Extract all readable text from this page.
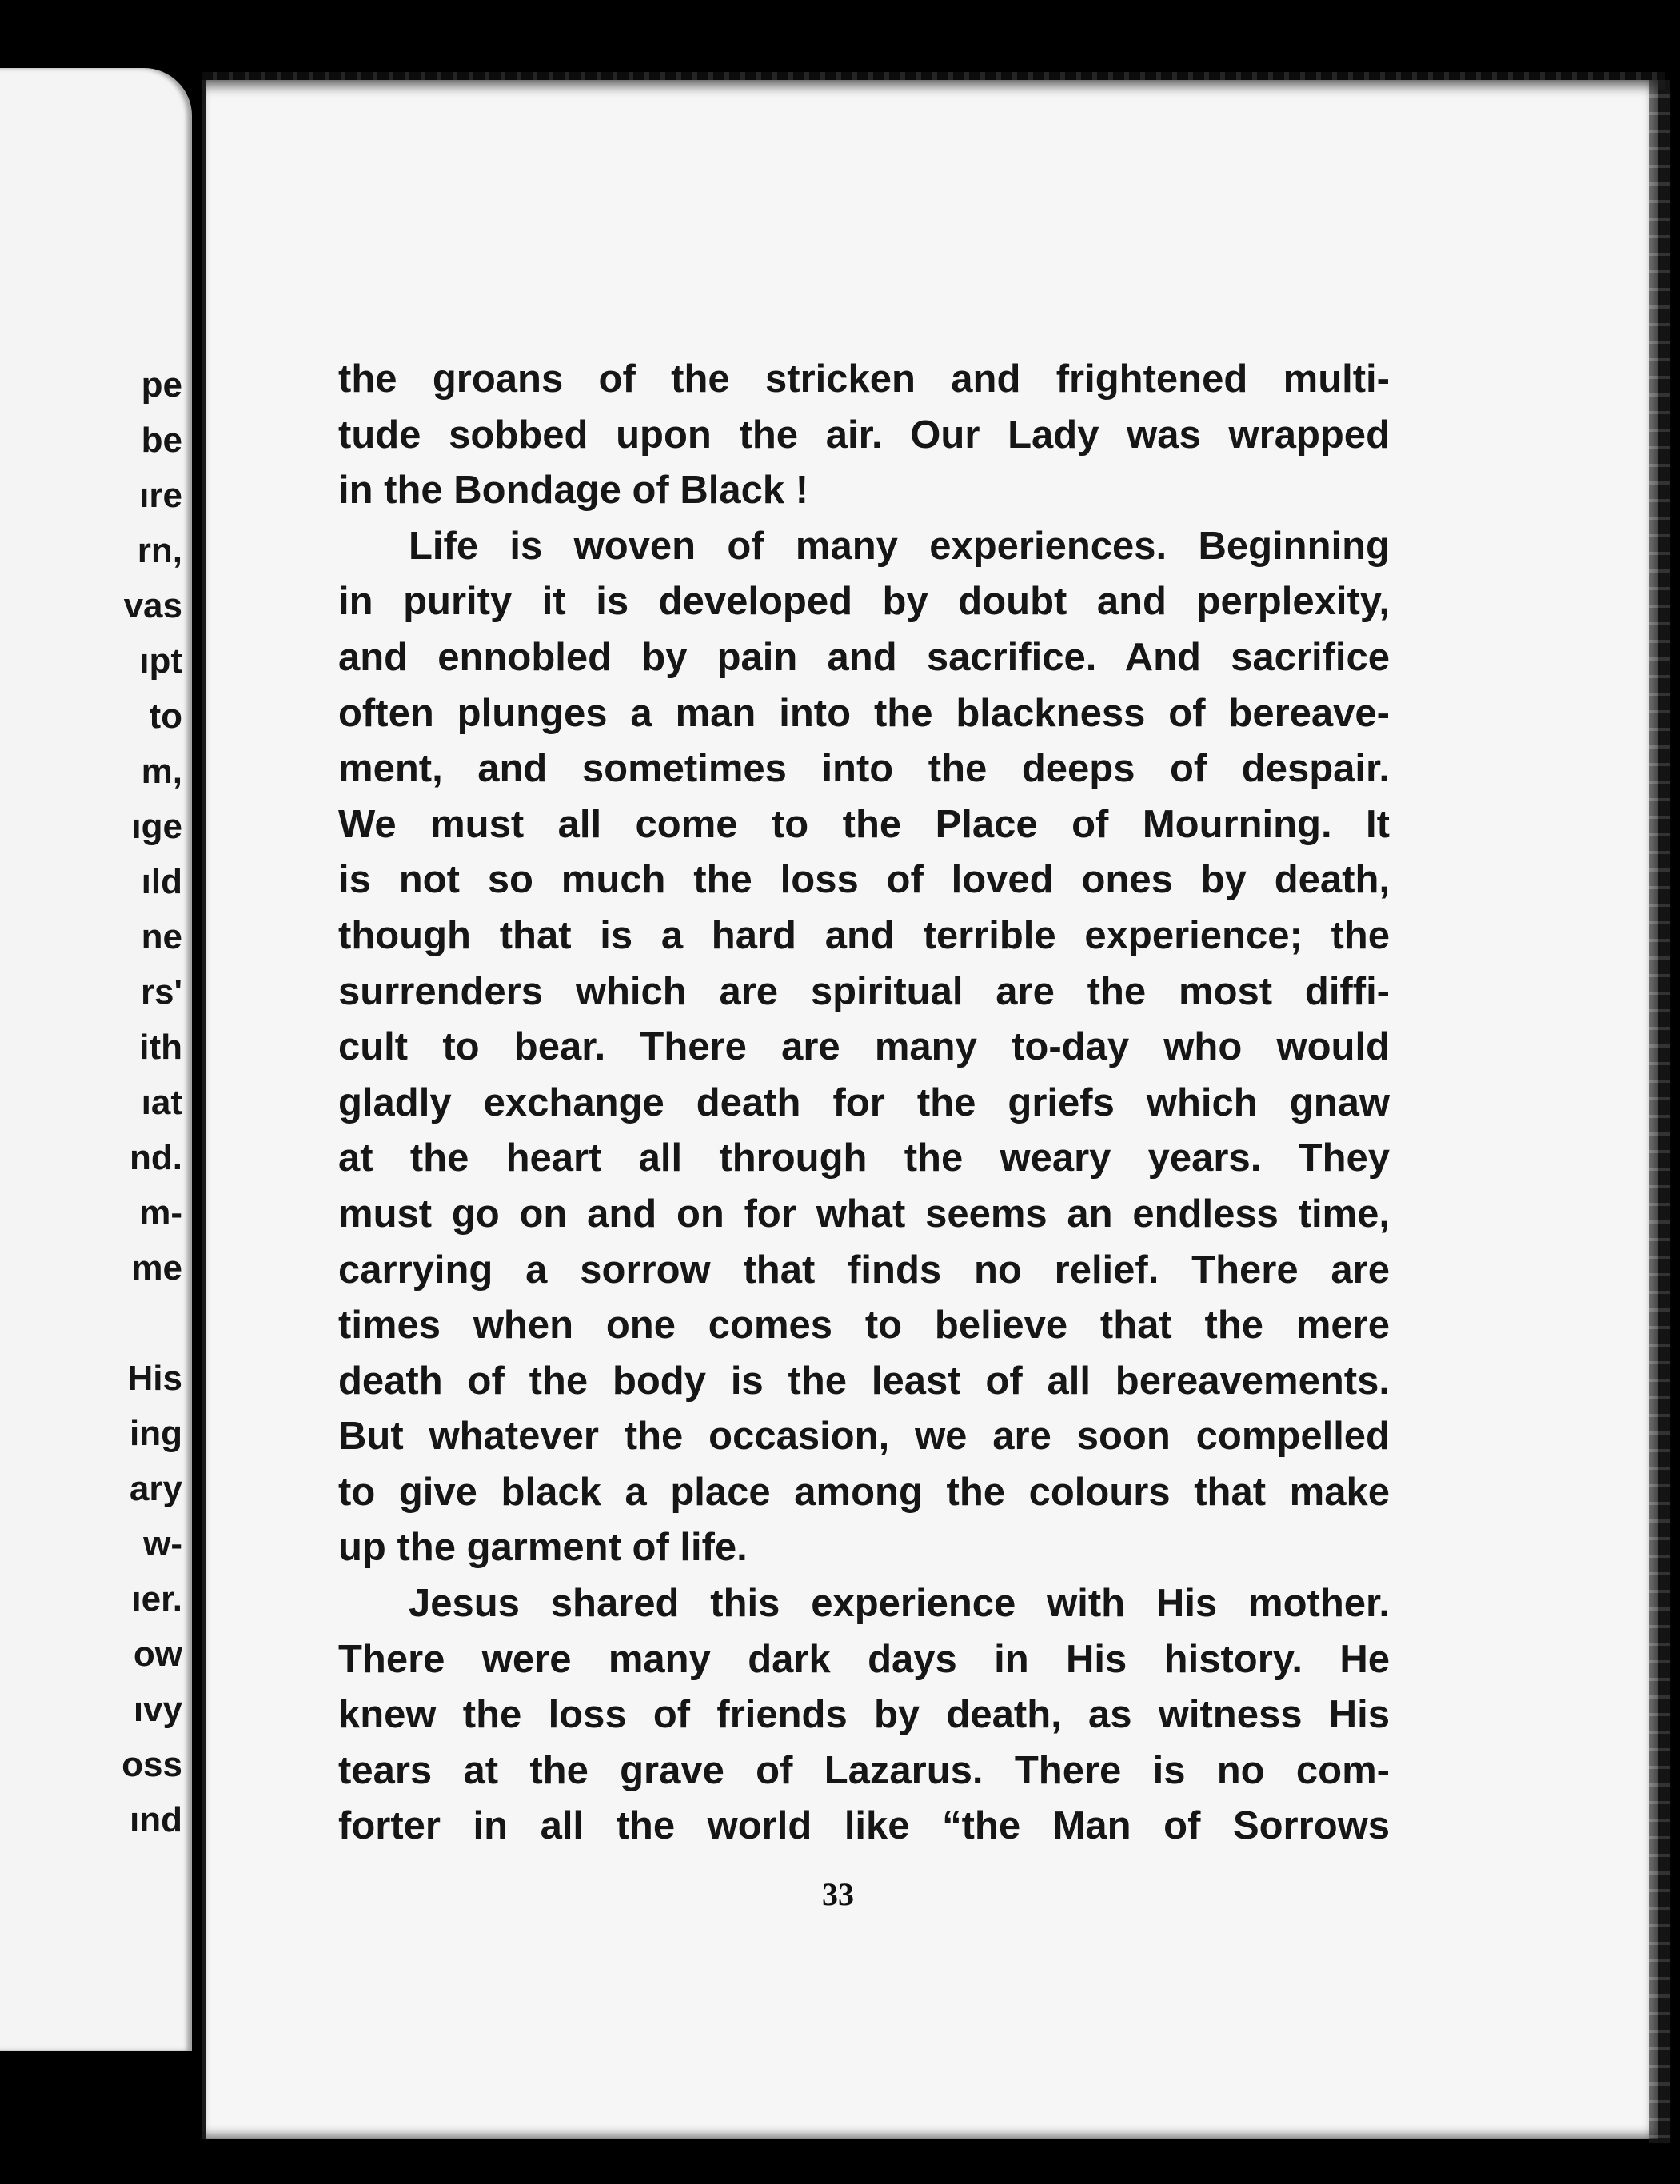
pe
be
ıre
rn,
vas
ıpt
to
m,
ıge
ıld
ne
rs'
ith
ıat
nd.
m-
me
His
ing
ary
w-
ıer.
ow
ıvy
oss
ınd
the groans of the stricken and frightened multi-
tude sobbed upon the air. Our Lady was wrapped
in the Bondage of Black !
Life is woven of many experiences. Beginning
in purity it is developed by doubt and perplexity,
and ennobled by pain and sacrifice. And sacrifice
often plunges a man into the blackness of bereave-
ment, and sometimes into the deeps of despair.
We must all come to the Place of Mourning. It
is not so much the loss of loved ones by death,
though that is a hard and terrible experience; the
surrenders which are spiritual are the most diffi-
cult to bear. There are many to-day who would
gladly exchange death for the griefs which gnaw
at the heart all through the weary years. They
must go on and on for what seems an endless time,
carrying a sorrow that finds no relief. There are
times when one comes to believe that the mere
death of the body is the least of all bereavements.
But whatever the occasion, we are soon compelled
to give black a place among the colours that make
up the garment of life.
Jesus shared this experience with His mother.
There were many dark days in His history. He
knew the loss of friends by death, as witness His
tears at the grave of Lazarus. There is no com-
forter in all the world like “the Man of Sorrows
33
